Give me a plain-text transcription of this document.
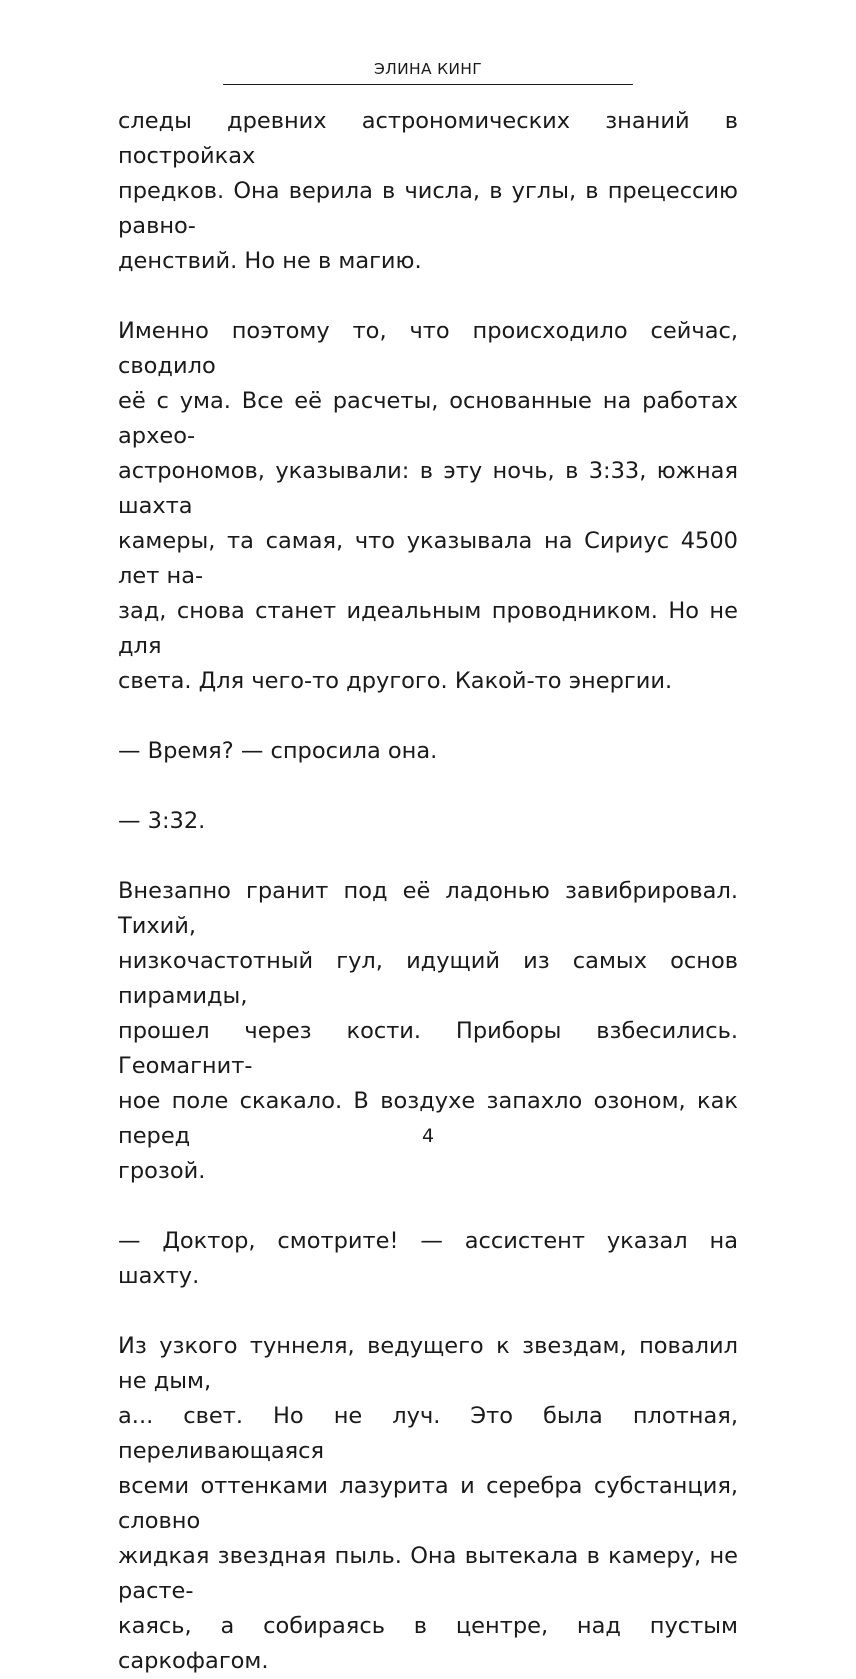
ЭЛИНА КИНГ
следы древних астрономических знаний в постройках
предков. Она верила в числа, в углы, в прецессию равно-
денствий. Но не в магию.
Именно поэтому то, что происходило сейчас, сводило
её с ума. Все её расчеты, основанные на работах архео-
астрономов, указывали: в эту ночь, в 3:33, южная шахта
камеры, та самая, что указывала на Сириус 4500 лет на-
зад, снова станет идеальным проводником. Но не для
света. Для чего-то другого. Какой-то энергии.
— Время? — спросила она.
— 3:32.
Внезапно гранит под её ладонью завибрировал. Тихий,
низкочастотный гул, идущий из самых основ пирамиды,
прошел через кости. Приборы взбесились. Геомагнит-
ное поле скакало. В воздухе запахло озоном, как перед
грозой.
— Доктор, смотрите! — ассистент указал на шахту.
Из узкого туннеля, ведущего к звездам, повалил не дым,
а... свет. Но не луч. Это была плотная, переливающаяся
всеми оттенками лазурита и серебра субстанция, словно
жидкая звездная пыль. Она вытекала в камеру, не расте-
каясь, а собираясь в центре, над пустым саркофагом.
4
